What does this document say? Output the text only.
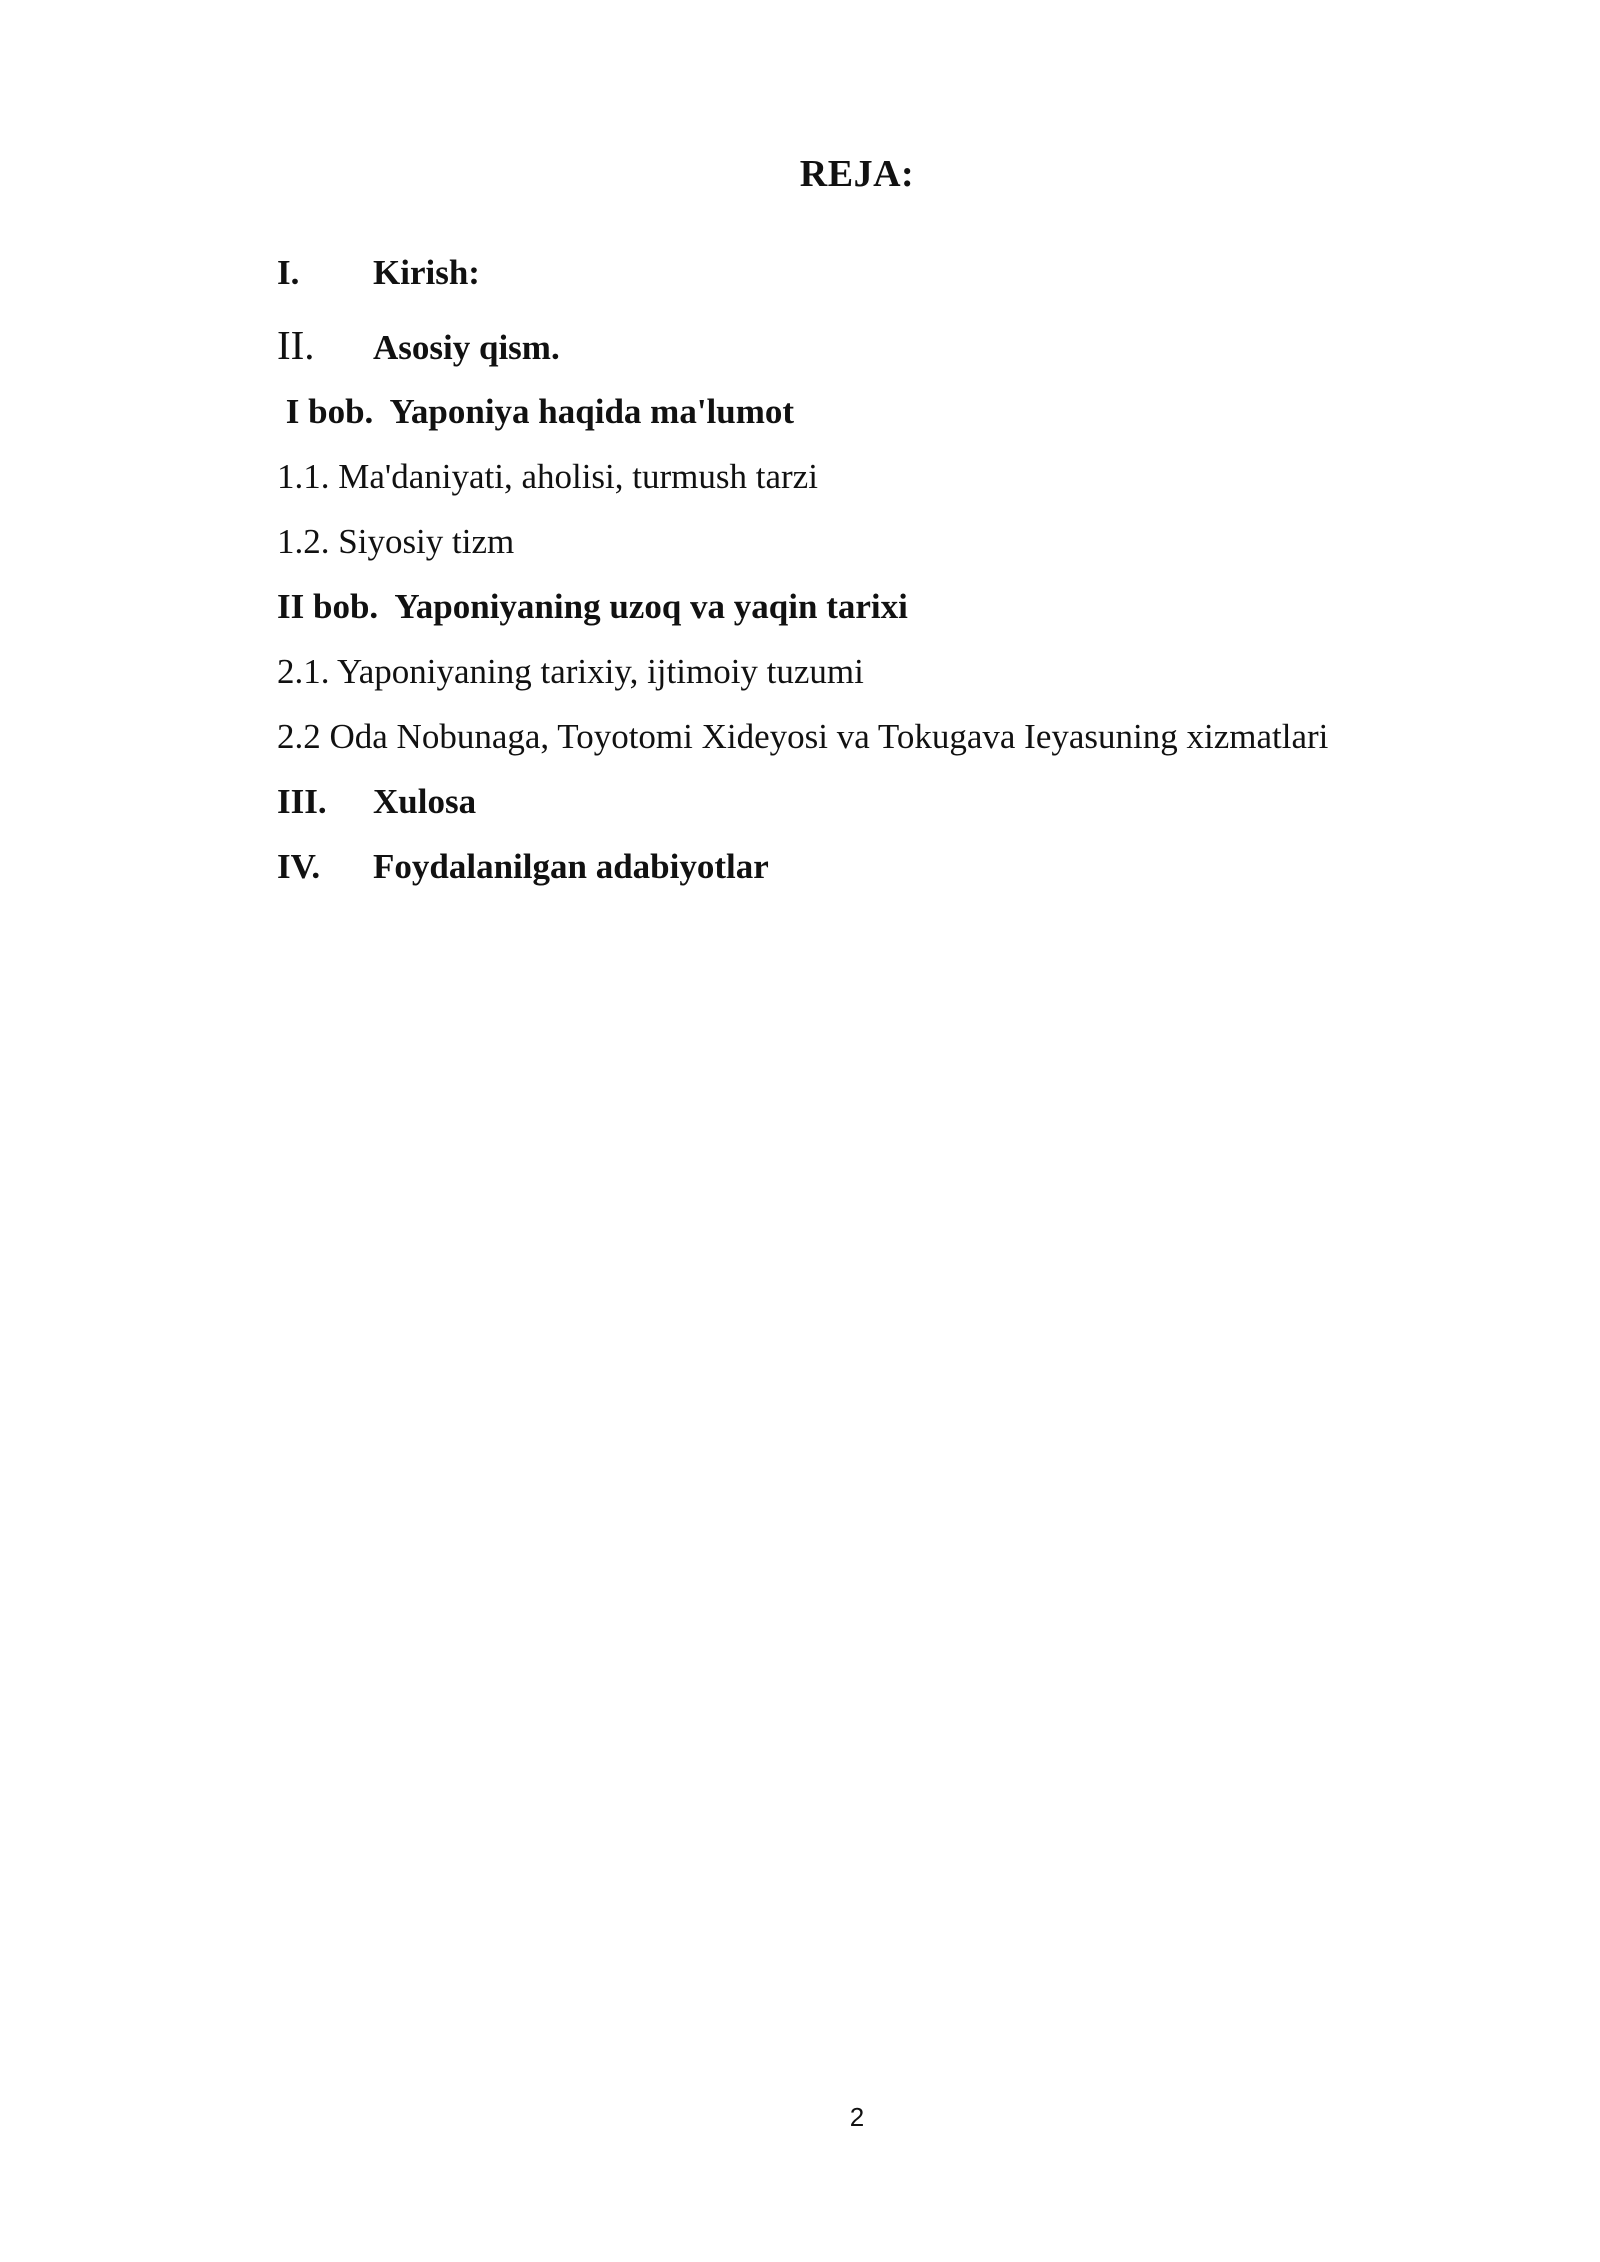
REJA:
I. Kirish:
II. Asosiy qism.
I bob.  Yaponiya haqida ma'lumot
1.1. Ma'daniyati, aholisi, turmush tarzi
1.2. Siyosiy tizm
II bob.  Yaponiyaning uzoq va yaqin tarixi
2.1. Yaponiyaning tarixiy, ijtimoiy tuzumi
2.2 Oda Nobunaga, Toyotomi Xideyosi va Tokugava Ieyasuning xizmatlari
III. Xulosa
IV. Foydalanilgan adabiyotlar
2
